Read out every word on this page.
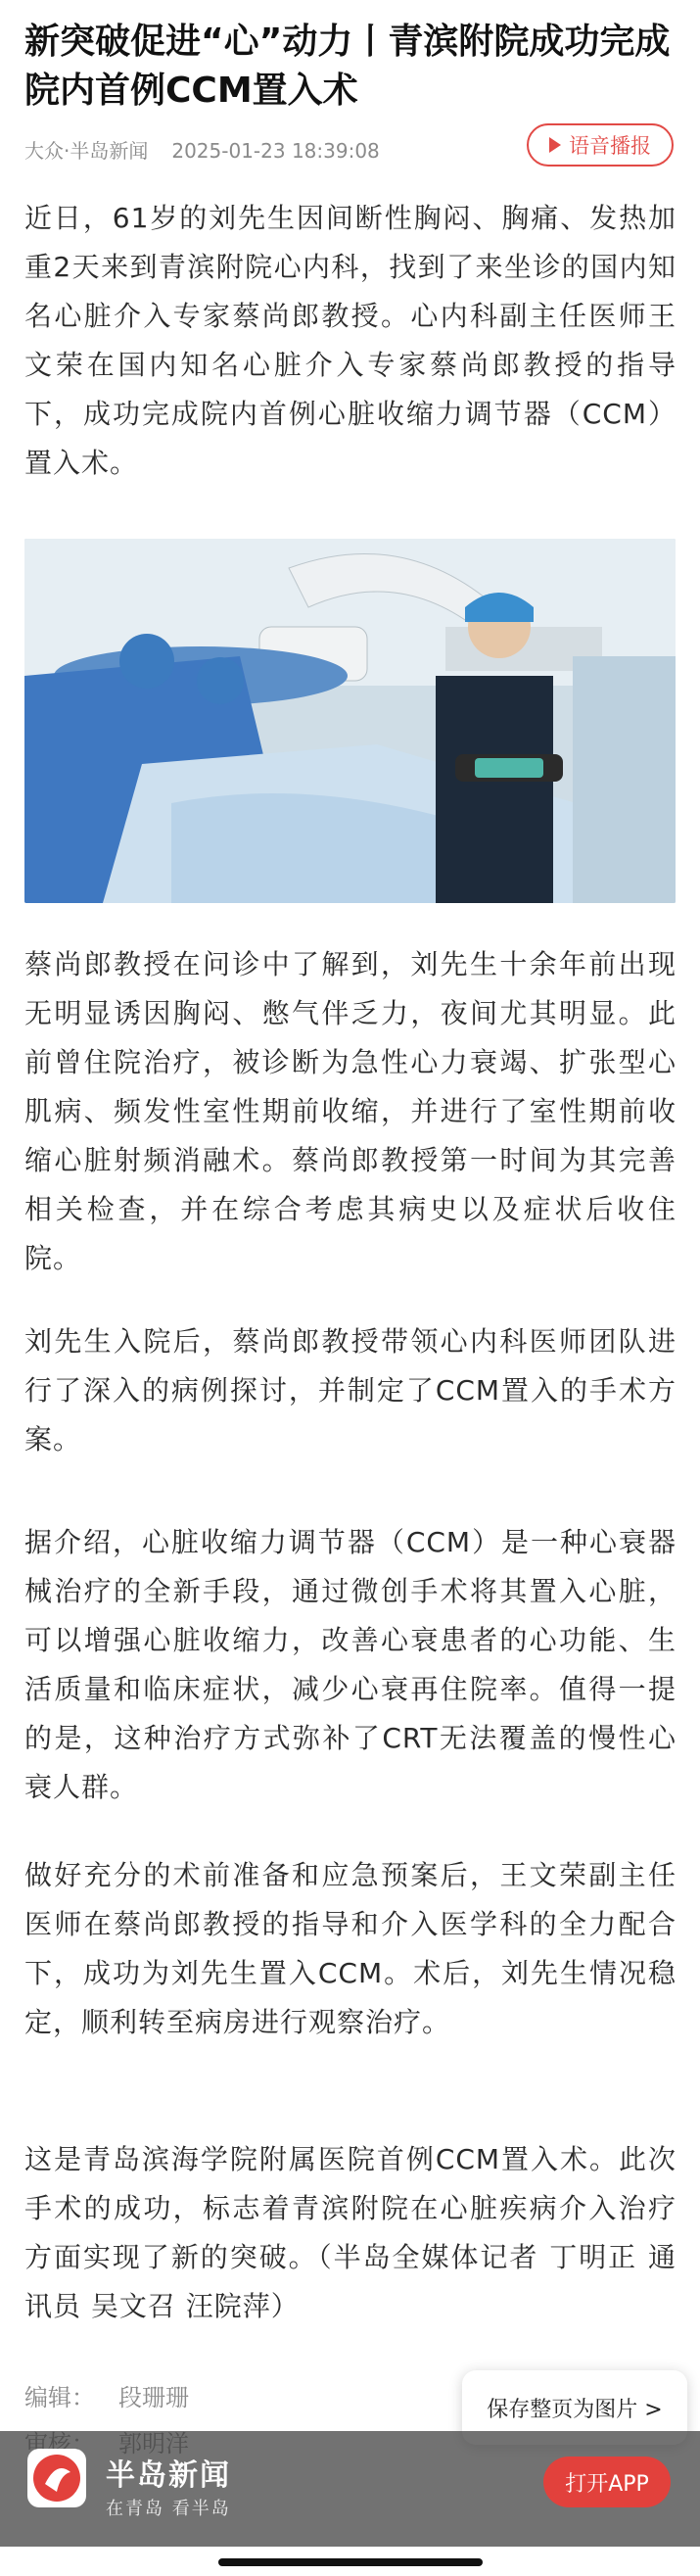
新突破促进“心”动力丨青滨附院成功完成院内首例CCM置入术
大众·半岛新闻 2025-01-23 18:39:08	语音播报
近日，61岁的刘先生因间断性胸闷、胸痛、发热加重2天来到青滨附院心内科，找到了来坐诊的国内知名心脏介入专家蔡尚郎教授。心内科副主任医师王文荣在国内知名心脏介入专家蔡尚郎教授的指导下，成功完成院内首例心脏收缩力调节器（CCM）置入术。
蔡尚郎教授在问诊中了解到，刘先生十余年前出现无明显诱因胸闷、憋气伴乏力，夜间尤其明显。此前曾住院治疗，被诊断为急性心力衰竭、扩张型心肌病、频发性室性期前收缩，并进行了室性期前收缩心脏射频消融术。蔡尚郎教授第一时间为其完善相关检查，并在综合考虑其病史以及症状后收住院。
刘先生入院后，蔡尚郎教授带领心内科医师团队进行了深入的病例探讨，并制定了CCM置入的手术方案。
据介绍，心脏收缩力调节器（CCM）是一种心衰器械治疗的全新手段，通过微创手术将其置入心脏，可以增强心脏收缩力，改善心衰患者的心功能、生活质量和临床症状，减少心衰再住院率。值得一提的是，这种治疗方式弥补了CRT无法覆盖的慢性心衰人群。
做好充分的术前准备和应急预案后，王文荣副主任医师在蔡尚郎教授的指导和介入医学科的全力配合下，成功为刘先生置入CCM。术后，刘先生情况稳定，顺利转至病房进行观察治疗。
这是青岛滨海学院附属医院首例CCM置入术。此次手术的成功，标志着青滨附院在心脏疾病介入治疗方面实现了新的突破。（半岛全媒体记者 丁明正 通讯员 吴文召 汪院萍）
编辑： 段珊珊	保存整页为图片 >
半岛新闻
在青岛 看半岛
打开APP
